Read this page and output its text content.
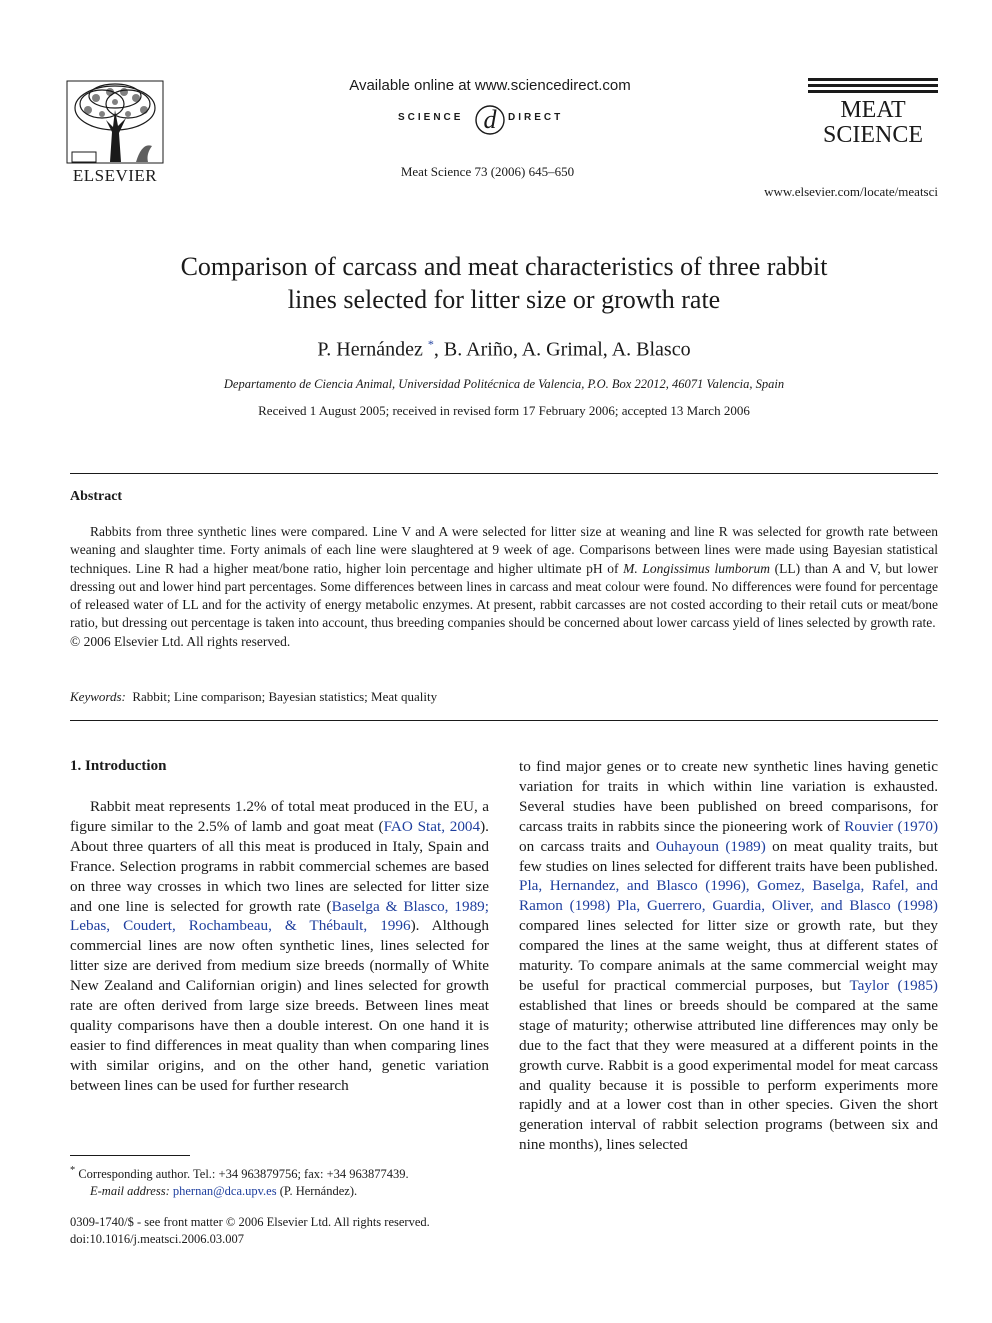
ELSEVIER
Available online at www.sciencedirect.com
SCIENCE d DIRECT
Meat Science 73 (2006) 645–650
MEAT
SCIENCE
www.elsevier.com/locate/meatsci
Comparison of carcass and meat characteristics of three rabbit
lines selected for litter size or growth rate
P. Hernández *, B. Ariño, A. Grimal, A. Blasco
Departamento de Ciencia Animal, Universidad Politécnica de Valencia, P.O. Box 22012, 46071 Valencia, Spain
Received 1 August 2005; received in revised form 17 February 2006; accepted 13 March 2006
Abstract
Rabbits from three synthetic lines were compared. Line V and A were selected for litter size at weaning and line R was selected for growth rate between weaning and slaughter time. Forty animals of each line were slaughtered at 9 week of age. Comparisons between lines were made using Bayesian statistical techniques. Line R had a higher meat/bone ratio, higher loin percentage and higher ultimate pH of M. Longissimus lumborum (LL) than A and V, but lower dressing out and lower hind part percentages. Some differences between lines in carcass and meat colour were found. No differences were found for percentage of released water of LL and for the activity of energy metabolic enzymes. At present, rabbit carcasses are not costed according to their retail cuts or meat/bone ratio, but dressing out percentage is taken into account, thus breeding companies should be concerned about lower carcass yield of lines selected by growth rate.
© 2006 Elsevier Ltd. All rights reserved.
Keywords: Rabbit; Line comparison; Bayesian statistics; Meat quality
1. Introduction
Rabbit meat represents 1.2% of total meat produced in the EU, a figure similar to the 2.5% of lamb and goat meat (FAO Stat, 2004). About three quarters of all this meat is produced in Italy, Spain and France. Selection programs in rabbit commercial schemes are based on three way crosses in which two lines are selected for litter size and one line is selected for growth rate (Baselga & Blasco, 1989; Lebas, Coudert, Rochambeau, & Thébault, 1996). Although commercial lines are now often synthetic lines, lines selected for litter size are derived from medium size breeds (normally of White New Zealand and Californian origin) and lines selected for growth rate are often derived from large size breeds. Between lines meat quality comparisons have then a double interest. On one hand it is easier to find differences in meat quality than when comparing lines with similar origins, and on the other hand, genetic variation between lines can be used for further research
to find major genes or to create new synthetic lines having genetic variation for traits in which within line variation is exhausted. Several studies have been published on breed comparisons, for carcass traits in rabbits since the pioneering work of Rouvier (1970) on carcass traits and Ouhayoun (1989) on meat quality traits, but few studies on lines selected for different traits have been published. Pla, Hernandez, and Blasco (1996), Gomez, Baselga, Rafel, and Ramon (1998) Pla, Guerrero, Guardia, Oliver, and Blasco (1998) compared lines selected for litter size or growth rate, but they compared the lines at the same weight, thus at different states of maturity. To compare animals at the same commercial weight may be useful for practical commercial purposes, but Taylor (1985) established that lines or breeds should be compared at the same stage of maturity; otherwise attributed line differences may only be due to the fact that they were measured at a different points in the growth curve. Rabbit is a good experimental model for meat carcass and quality because it is possible to perform experiments more rapidly and at a lower cost than in other species. Given the short generation interval of rabbit selection programs (between six and nine months), lines selected
* Corresponding author. Tel.: +34 963879756; fax: +34 963877439.
E-mail address: phernan@dca.upv.es (P. Hernández).
0309-1740/$ - see front matter © 2006 Elsevier Ltd. All rights reserved.
doi:10.1016/j.meatsci.2006.03.007
